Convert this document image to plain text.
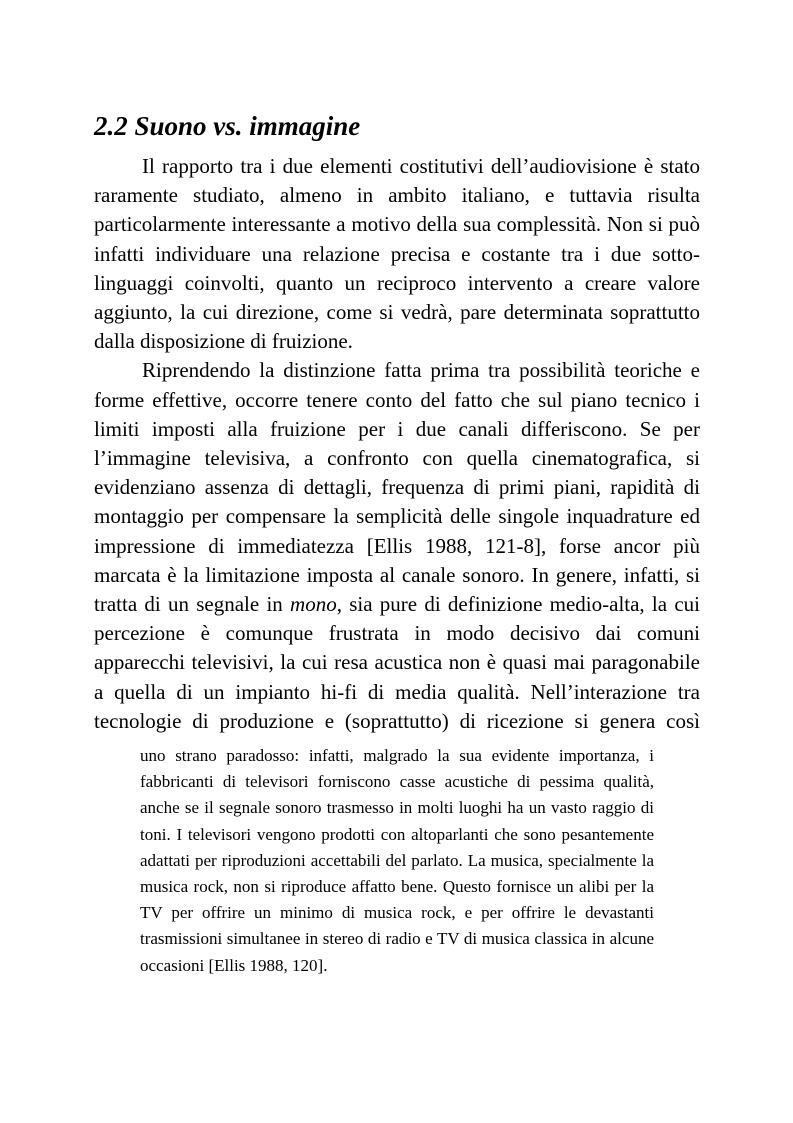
2.2 Suono vs. immagine

Il rapporto tra i due elementi costitutivi dell’audiovisione è stato raramente studiato, almeno in ambito italiano, e tuttavia risulta particolarmente interessante a motivo della sua complessità. Non si può infatti individuare una relazione precisa e costante tra i due sotto-linguaggi coinvolti, quanto un reciproco intervento a creare valore aggiunto, la cui direzione, come si vedrà, pare determinata soprattutto dalla disposizione di fruizione.

Riprendendo la distinzione fatta prima tra possibilità teoriche e forme effettive, occorre tenere conto del fatto che sul piano tecnico i limiti imposti alla fruizione per i due canali differiscono. Se per l’immagine televisiva, a confronto con quella cinematografica, si evidenziano assenza di dettagli, frequenza di primi piani, rapidità di montaggio per compensare la semplicità delle singole inquadrature ed impressione di immediatezza [Ellis 1988, 121-8], forse ancor più marcata è la limitazione imposta al canale sonoro. In genere, infatti, si tratta di un segnale in mono, sia pure di definizione medio-alta, la cui percezione è comunque frustrata in modo decisivo dai comuni apparecchi televisivi, la cui resa acustica non è quasi mai paragonabile a quella di un impianto hi-fi di media qualità. Nell’interazione tra tecnologie di produzione e (soprattutto) di ricezione si genera così

uno strano paradosso: infatti, malgrado la sua evidente importanza, i fabbricanti di televisori forniscono casse acustiche di pessima qualità, anche se il segnale sonoro trasmesso in molti luoghi ha un vasto raggio di toni. I televisori vengono prodotti con altoparlanti che sono pesantemente adattati per riproduzioni accettabili del parlato. La musica, specialmente la musica rock, non si riproduce affatto bene. Questo fornisce un alibi per la TV per offrire un minimo di musica rock, e per offrire le devastanti trasmissioni simultanee in stereo di radio e TV di musica classica in alcune occasioni [Ellis 1988, 120].
